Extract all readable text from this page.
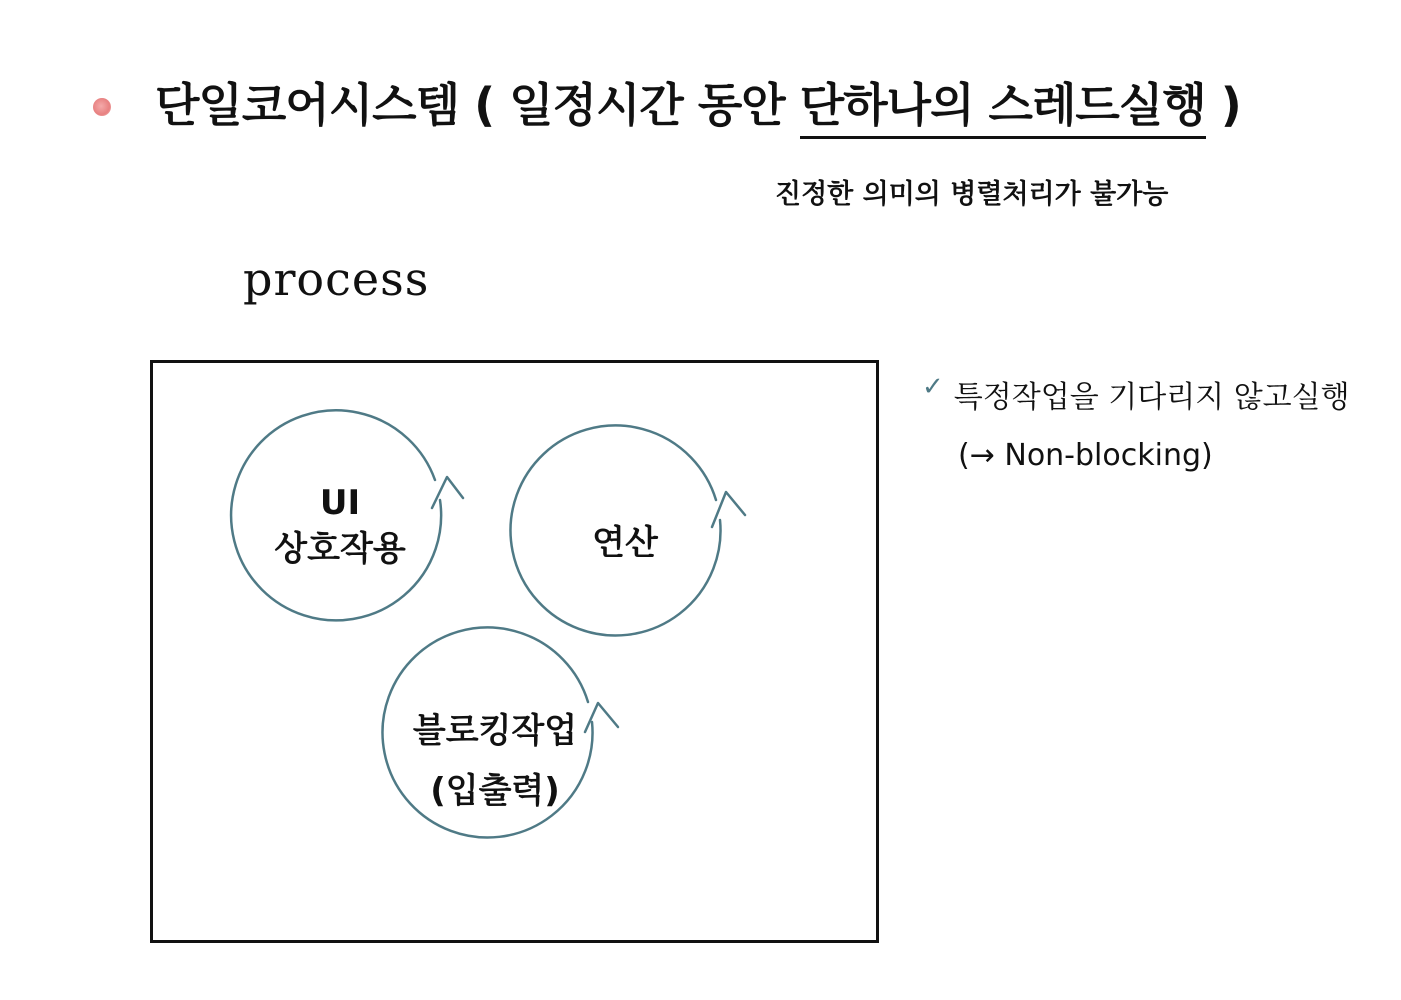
단일코어시스템 ( 일정시간 동안 단하나의 스레드실행 )
진정한 의미의 병렬처리가 불가능
process
UI
상호작용	연산
블로킹작업
(입출력)
✓ 특정작업을 기다리지 않고실행
(→ Non-blocking)
